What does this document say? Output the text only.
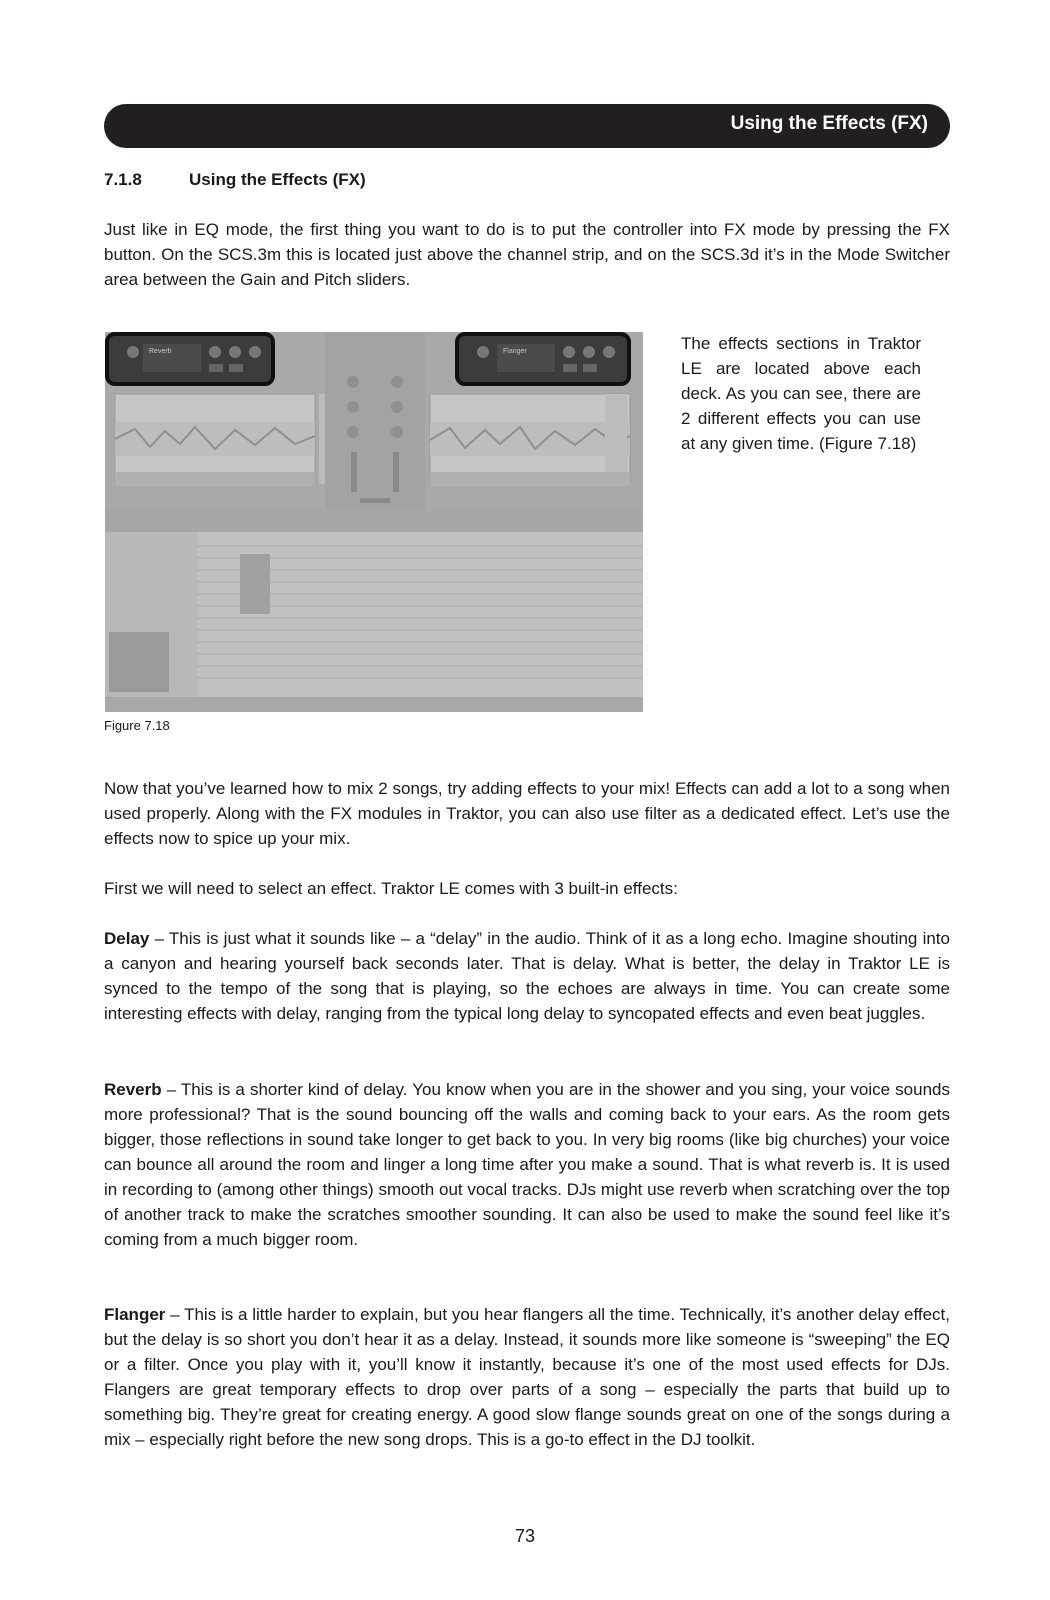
Using the Effects (FX)
7.1.8	Using the Effects (FX)

Just like in EQ mode, the first thing you want to do is to put the controller into FX mode by pressing the FX button. On the SCS.3m this is located just above the channel strip, and on the SCS.3d it’s in the Mode Switcher area between the Gain and Pitch sliders.

Reverb	Flanger	The effects sections in Traktor LE are located above each deck. As you can see, there are 2 different effects you can use at any given time. (Figure 7.18)

Figure 7.18

Now that you’ve learned how to mix 2 songs, try adding effects to your mix! Effects can add a lot to a song when used properly. Along with the FX modules in Traktor, you can also use filter as a dedicated effect. Let’s use the effects now to spice up your mix.

First we will need to select an effect. Traktor LE comes with 3 built-in effects:

Delay – This is just what it sounds like – a “delay” in the audio. Think of it as a long echo. Imagine shouting into a canyon and hearing yourself back seconds later. That is delay. What is better, the delay in Traktor LE is synced to the tempo of the song that is playing, so the echoes are always in time. You can create some interesting effects with delay, ranging from the typical long delay to syncopated effects and even beat juggles.

Reverb – This is a shorter kind of delay. You know when you are in the shower and you sing, your voice sounds more professional? That is the sound bouncing off the walls and coming back to your ears. As the room gets bigger, those reflections in sound take longer to get back to you. In very big rooms (like big churches) your voice can bounce all around the room and linger a long time after you make a sound. That is what reverb is. It is used in recording to (among other things) smooth out vocal tracks. DJs might use reverb when scratching over the top of another track to make the scratches smoother sounding. It can also be used to make the sound feel like it’s coming from a much bigger room.

Flanger – This is a little harder to explain, but you hear flangers all the time. Technically, it’s another delay effect, but the delay is so short you don’t hear it as a delay. Instead, it sounds more like someone is “sweeping” the EQ or a filter. Once you play with it, you’ll know it instantly, because it’s one of the most used effects for DJs. Flangers are great temporary effects to drop over parts of a song – especially the parts that build up to something big. They’re great for creating energy. A good slow flange sounds great on one of the songs during a mix – especially right before the new song drops. This is a go-to effect in the DJ toolkit.

73
